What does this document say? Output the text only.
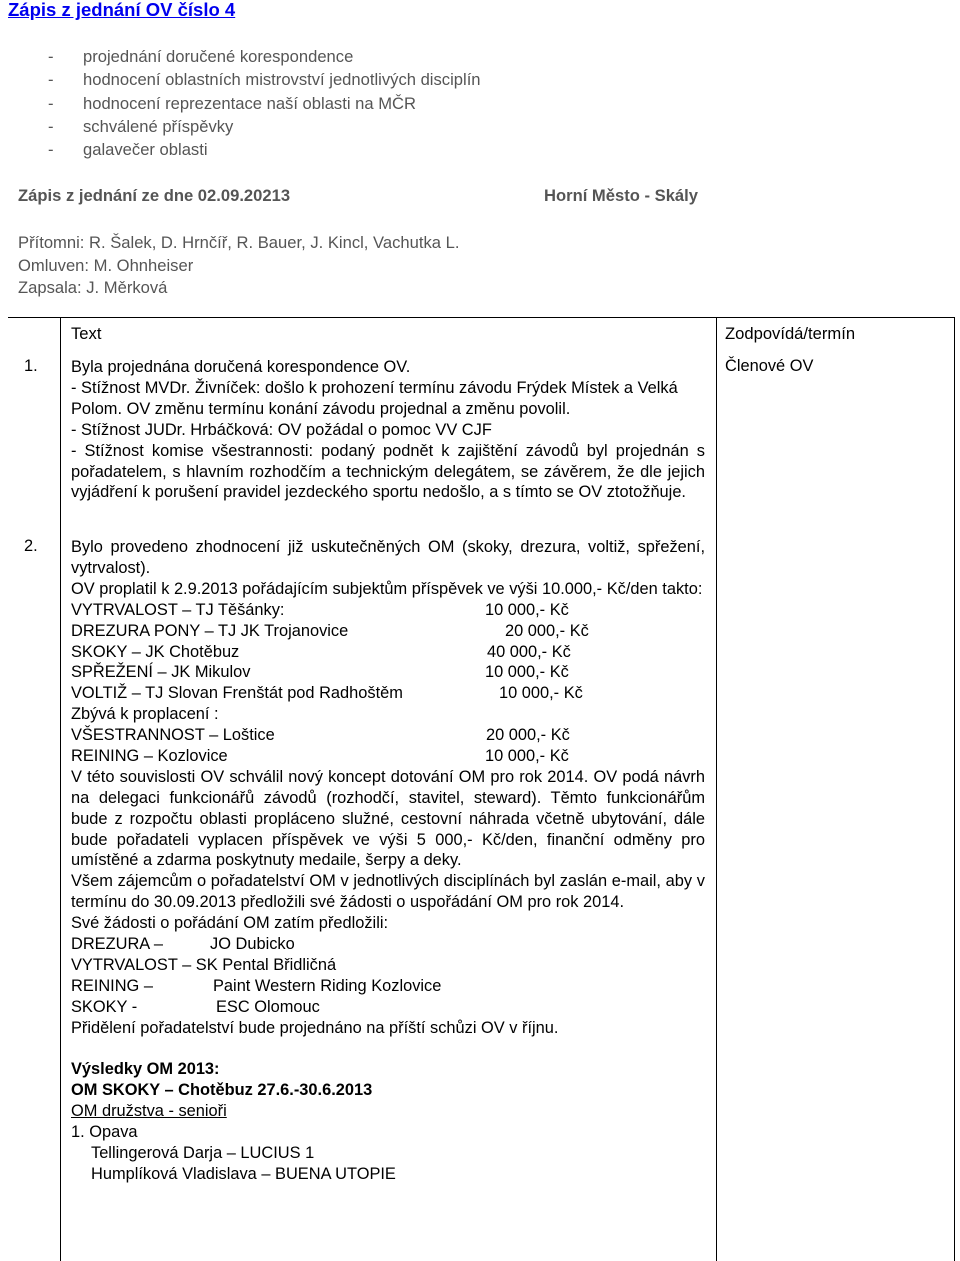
Zápis z jednání OV číslo 4
- projednání doručené korespondence
- hodnocení oblastních mistrovství jednotlivých disciplín
- hodnocení reprezentace naší oblasti na MČR
- schválené příspěvky
- galavečer oblasti
Zápis z jednání ze dne 02.09.20213	Horní Město - Skály
Přítomni: R. Šalek, D. Hrnčíř, R. Bauer, J. Kincl, Vachutka L.
Omluven: M. Ohnheiser
Zapsala: J. Měrková
Text	Zodpovídá/termín
1. Byla projednána doručená korespondence OV.

- Stížnost MVDr. Živníček: došlo k prohození termínu závodu Frýdek Místek a Velká Polom. OV změnu termínu konání závodu projednal a změnu povolil.

- Stížnost JUDr. Hrbáčková: OV požádal o pomoc VV CJF

- Stížnost komise všestrannosti: podaný podnět k zajištění závodů byl projednán s pořadatelem, s hlavním rozhodčím a technickým delegátem, se závěrem, že dle jejich vyjádření k porušení pravidel jezdeckého sportu nedošlo, a s tímto se OV ztotožňuje.

Členové OV
2. Bylo provedeno zhodnocení již uskutečněných OM (skoky, drezura, voltiž, spřežení, vytrvalost).

OV proplatil k 2.9.2013 pořádajícím subjektům příspěvek ve výši 10.000,- Kč/den takto:

VYTRVALOST – TJ Těšánky:	10 000,- Kč
DREZURA PONY – TJ JK Trojanovice	20 000,- Kč
SKOKY – JK Chotěbuz	40 000,- Kč
SPŘEŽENÍ – JK Mikulov	10 000,- Kč
VOLTIŽ – TJ Slovan Frenštát pod Radhoštěm	10 000,- Kč

Zbývá k proplacení :

VŠESTRANNOST – Loštice	20 000,- Kč
REINING – Kozlovice	10 000,- Kč

V této souvislosti OV schválil nový koncept dotování OM pro rok 2014. OV podá návrh na delegaci funkcionářů závodů (rozhodčí, stavitel, steward). Těmto funkcionářům bude z rozpočtu oblasti propláceno služné, cestovní náhrada včetně ubytování, dále bude pořadateli vyplacen příspěvek ve výši 5 000,- Kč/den, finanční odměny pro umístěné a zdarma poskytnuty medaile, šerpy a deky.

Všem zájemcům o pořadatelství OM v jednotlivých disciplínách byl zaslán e-mail, aby v termínu do 30.09.2013 předložili své žádosti o uspořádání OM pro rok 2014.

Své žádosti o pořádání OM zatím předložili:

DREZURA –	JO Dubicko
VYTRVALOST – SK Pental Břidličná
REINING –	Paint Western Riding Kozlovice
SKOKY -	ESC Olomouc

Přidělení pořadatelství bude projednáno na příští schůzi OV v říjnu.

Výsledky OM 2013:

OM SKOKY – Chotěbuz 27.6.-30.6.2013

OM družstva - senioři

1. Opava

Tellingerová Darja – LUCIUS 1

Humplíková Vladislava – BUENA UTOPIE
